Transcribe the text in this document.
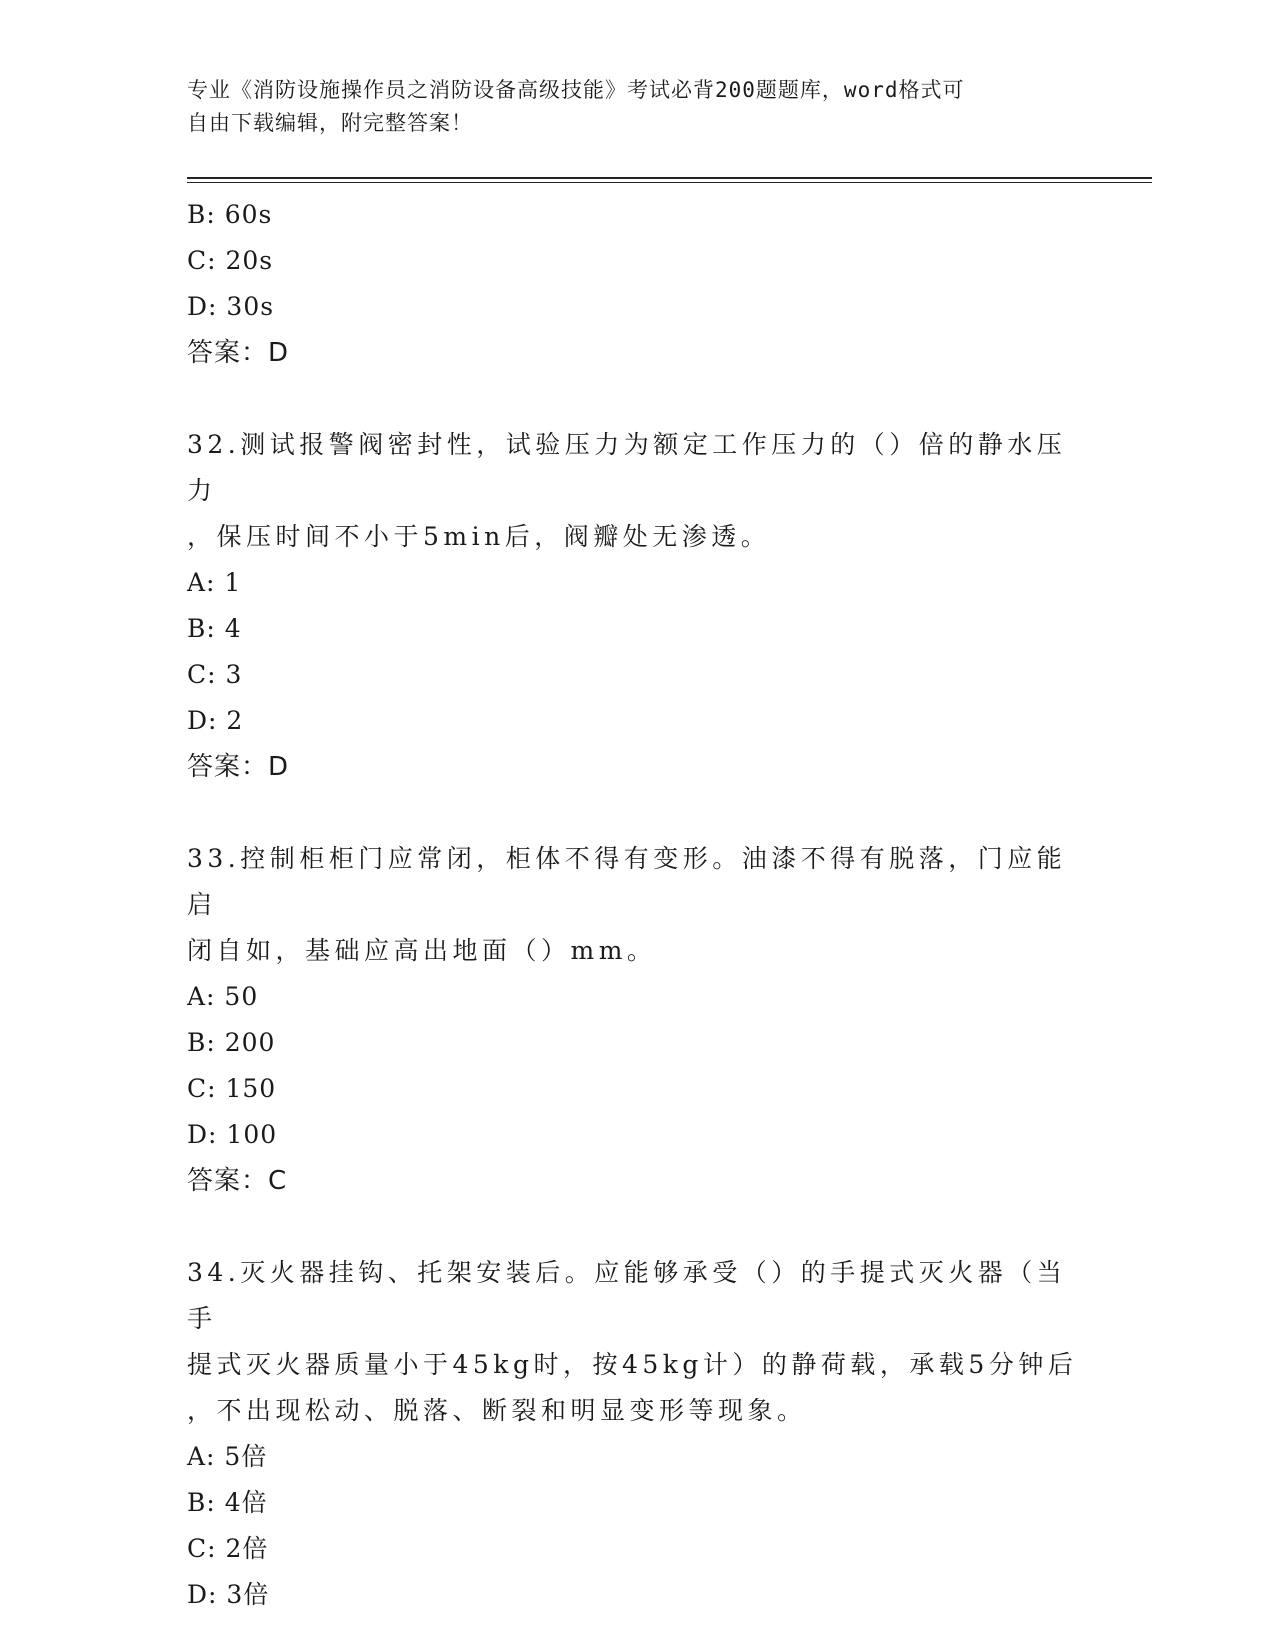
专业《消防设施操作员之消防设备高级技能》考试必背200题题库，word格式可
自由下载编辑，附完整答案！
B: 60s
C: 20s
D: 30s
答案：D
32.测试报警阀密封性，试验压力为额定工作压力的（）倍的静水压力
，保压时间不小于5min后，阀瓣处无渗透。
A: 1
B: 4
C: 3
D: 2
答案：D
33.控制柜柜门应常闭，柜体不得有变形。油漆不得有脱落，门应能启
闭自如，基础应高出地面（）mm。
A: 50
B: 200
C: 150
D: 100
答案：C
34.灭火器挂钩、托架安装后。应能够承受（）的手提式灭火器（当手
提式灭火器质量小于45kg时，按45kg计）的静荷载，承载5分钟后
，不出现松动、脱落、断裂和明显变形等现象。
A: 5倍
B: 4倍
C: 2倍
D: 3倍
